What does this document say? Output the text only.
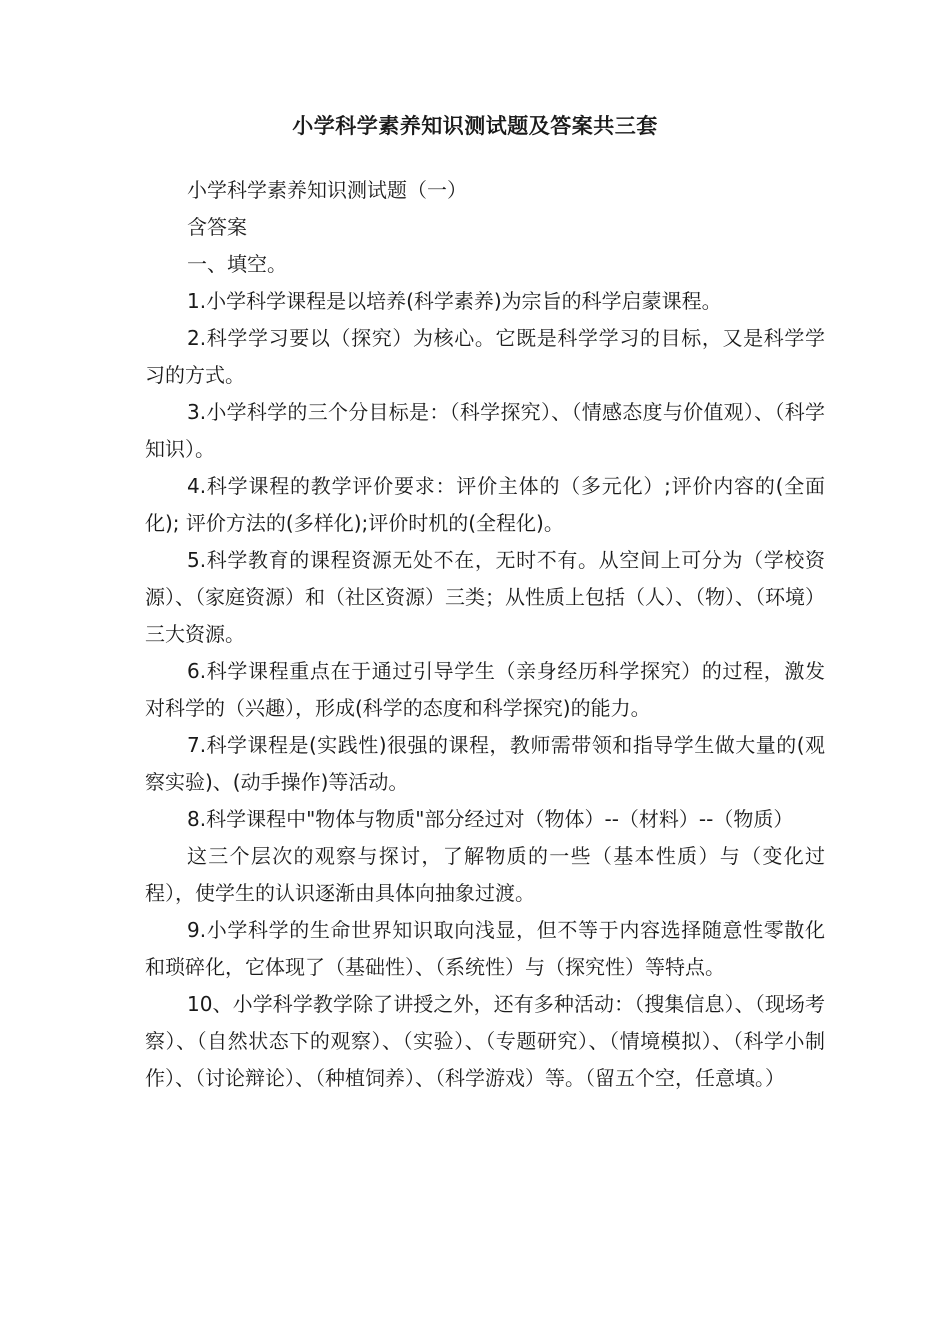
小学科学素养知识测试题及答案共三套

小学科学素养知识测试题（一）

含答案

一、填空。

1.小学科学课程是以培养(科学素养)为宗旨的科学启蒙课程。

2.科学学习要以（探究）为核心。它既是科学学习的目标，又是科学学习的方式。

3.小学科学的三个分目标是：（科学探究）、（情感态度与价值观）、（科学知识）。

4.科学课程的教学评价要求：评价主体的（多元化）;评价内容的(全面化); 评价方法的(多样化);评价时机的(全程化)。

5.科学教育的课程资源无处不在，无时不有。从空间上可分为（学校资源）、（家庭资源）和（社区资源）三类；从性质上包括（人）、（物）、（环境）三大资源。

6.科学课程重点在于通过引导学生（亲身经历科学探究）的过程，激发对科学的（兴趣），形成(科学的态度和科学探究)的能力。

7.科学课程是(实践性)很强的课程，教师需带领和指导学生做大量的(观察实验)、(动手操作)等活动。

8.科学课程中"物体与物质"部分经过对（物体）--（材料）--（物质）

这三个层次的观察与探讨，了解物质的一些（基本性质）与（变化过程），使学生的认识逐渐由具体向抽象过渡。

9.小学科学的生命世界知识取向浅显，但不等于内容选择随意性零散化和琐碎化，它体现了（基础性）、（系统性）与（探究性）等特点。

10、小学科学教学除了讲授之外，还有多种活动：（搜集信息）、（现场考察）、（自然状态下的观察）、（实验）、（专题研究）、（情境模拟）、（科学小制作）、（讨论辩论）、（种植饲养）、（科学游戏）等。（留五个空，任意填。）
